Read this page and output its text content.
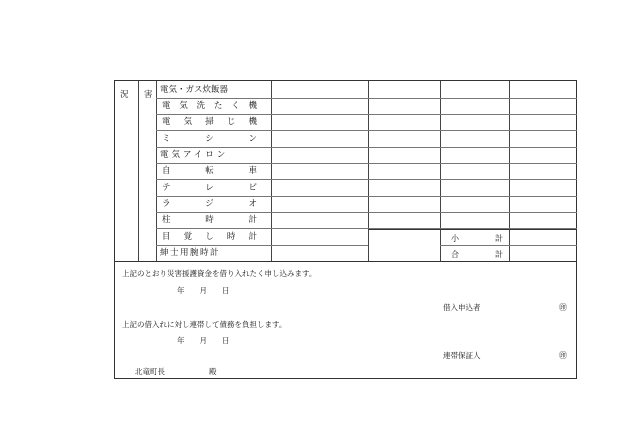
況 害 電気・ガス炊飯器
電 気 洗 た く 機
電 気 掃 じ 機
ミ	シ	ン
電気アイロン
自	転	車
テ	レ	ビ
ラ	ジ	オ
柱	時	計
目 覚 し 時 計
紳士用腕時計
小	計
合	計
上記のとおり災害援護資金を借り入れたく申し込みます。
年　　月　　日
借入申込者	㊞
上記の借入れに対し連帯して債務を負担します。
年　　月　　日
連帯保証人	㊞
北竜町長	殿
